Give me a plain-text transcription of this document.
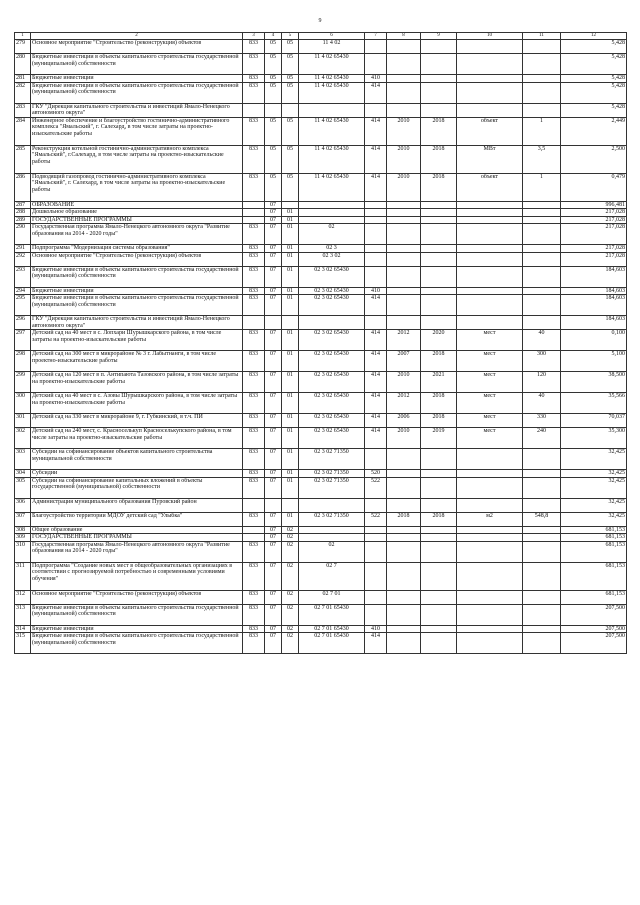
9
1	2	3	4	5	6	7	8	9	10	11	12
279	Основное мероприятие "Строительство (реконструкция) объектов	833	05	05	11 4 02						5,428
280	Бюджетные инвестиции в объекты капитального строительства государственной (муниципальной) собственности	833	05	05	11 4 02 65430						5,428
281	Бюджетные инвестиции	833	05	05	11 4 02 65430	410					5,428
282	Бюджетные инвестиции в объекты капитального строительства государственной (муниципальной) собственности	833	05	05	11 4 02 65430	414					5,428
283	ГКУ "Дирекция капитального строительства и инвестиций Ямало-Ненецкого автономного округа"										5,428
284	Инженерное обеспечение и благоустройство гостинично-административного комплекса "Ямальский", г. Салехард, в том числе затраты на проектно-изыскательские работы	833	05	05	11 4 02 65430	414	2010	2018	объект	1	2,449
285	Реконструкция котельной гостинично-административного комплекса "Ямальский", г.Салехард, в том числе затраты на проектно-изыскательские работы	833	05	05	11 4 02 65430	414	2010	2018	МВт	3,5	2,500
286	Подводящий газопровод гостинично-административного комплекса "Ямальский", г. Салехард, в том числе затраты на проектно-изыскательские работы	833	05	05	11 4 02 65430	414	2010	2018	объект	1	0,479
287	ОБРАЗОВАНИЕ		07								996,481
288	Дошкольное образование		07	01							217,028
289	ГОСУДАРСТВЕННЫЕ ПРОГРАММЫ		07	01							217,028
290	Государственная программа Ямало-Ненецкого автономного округа "Развитие образования на 2014 - 2020 годы"	833	07	01	02						217,028
291	Подпрограмма "Модернизация системы образования"	833	07	01	02 3						217,028
292	Основное мероприятие "Строительство (реконструкция) объектов	833	07	01	02 3 02						217,028
293	Бюджетные инвестиции в объекты капитального строительства государственной (муниципальной) собственности	833	07	01	02 3 02 65430						184,603
294	Бюджетные инвестиции	833	07	01	02 3 02 65430	410					184,603
295	Бюджетные инвестиции в объекты капитального строительства государственной (муниципальной) собственности	833	07	01	02 3 02 65430	414					184,603
296	ГКУ "Дирекция капитального строительства и инвестиций Ямало-Ненецкого автономного округа"										184,603
297	Детский сад на 40 мест в с. Лопхари Шурышкарского района, в том числе затраты на проектно-изыскательские работы	833	07	01	02 3 02 65430	414	2012	2020	мест	40	0,100
298	Детский сад на 300 мест в микрорайоне № 3 г. Лабытнанги, в том числе проектно-изыскательские работы	833	07	01	02 3 02 65430	414	2007	2018	мест	300	5,100
299	Детский сад на 120 мест в п. Антипаюта Тазовского района, в том числе затраты на проектно-изыскательские работы	833	07	01	02 3 02 65430	414	2010	2021	мест	120	38,500
300	Детский сад на 40 мест в с. Азовы Шурышкарского района, в том числе затраты на проектно-изыскательские работы	833	07	01	02 3 02 65430	414	2012	2018	мест	40	35,566
301	Детский сад на 330 мест в микрорайоне 9, г. Губкинский, в т.ч. ПИ	833	07	01	02 3 02 65430	414	2006	2018	мест	330	70,037
302	Детский сад на 240 мест, с. Красноселькуп Красноселькупского района, в том числе затраты на проектно-изыскательские работы	833	07	01	02 3 02 65430	414	2010	2019	мест	240	35,300
303	Субсидии на софинансирование объектов капитального строительства муниципальной собственности	833	07	01	02 3 02 71350						32,425
304	Субсидии	833	07	01	02 3 02 71350	520					32,425
305	Субсидии на софинансирование капитальных вложений в объекты государственной (муниципальной) собственности	833	07	01	02 3 02 71350	522					32,425
306	Администрация муниципального образования Пуровский район										32,425
307	Благоустройство территории МДОУ детский сад "Улыбка"	833	07	01	02 3 02 71350	522	2018	2018	м2	548,8	32,425
308	Общее образование		07	02							681,153
309	ГОСУДАРСТВЕННЫЕ ПРОГРАММЫ		07	02							681,153
310	Государственная программа Ямало-Ненецкого автономного округа "Развитие образования на 2014 - 2020 годы"	833	07	02	02						681,153
311	Подпрограмма "Создание новых мест в общеобразовательных организациях в соответствии с прогнозируемой потребностью и современными условиями обучения"	833	07	02	02 7						681,153
312	Основное мероприятие "Строительство (реконструкция) объектов	833	07	02	02 7 01						681,153
313	Бюджетные инвестиции в объекты капитального строительства государственной (муниципальной) собственности	833	07	02	02 7 01 65430						207,500
314	Бюджетные инвестиции	833	07	02	02 7 01 65430	410					207,500
315	Бюджетные инвестиции в объекты капитального строительства государственной (муниципальной) собственности	833	07	02	02 7 01 65430	414					207,500
